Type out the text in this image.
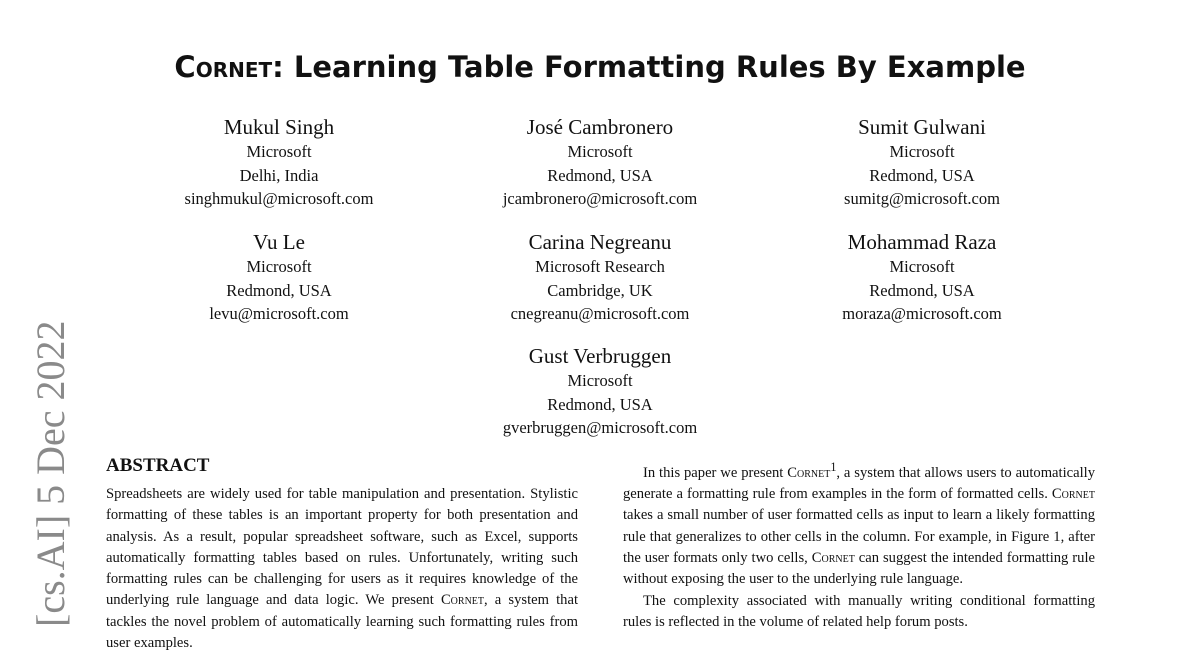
[cs.AI] 5 Dec 2022
Cornet: Learning Table Formatting Rules By Example
Mukul Singh
Microsoft
Delhi, India
singhmukul@microsoft.com
José Cambronero
Microsoft
Redmond, USA
jcambronero@microsoft.com
Sumit Gulwani
Microsoft
Redmond, USA
sumitg@microsoft.com
Vu Le
Microsoft
Redmond, USA
levu@microsoft.com
Carina Negreanu
Microsoft Research
Cambridge, UK
cnegreanu@microsoft.com
Mohammad Raza
Microsoft
Redmond, USA
moraza@microsoft.com
Gust Verbruggen
Microsoft
Redmond, USA
gverbruggen@microsoft.com
ABSTRACT

Spreadsheets are widely used for table manipulation and presentation. Stylistic formatting of these tables is an important property for both presentation and analysis. As a result, popular spreadsheet software, such as Excel, supports automatically formatting tables based on rules. Unfortunately, writing such formatting rules can be challenging for users as it requires knowledge of the underlying rule language and data logic. We present Cornet, a system that tackles the novel problem of automatically learning such formatting rules from user examples.

In this paper we present Cornet$^1$, a system that allows users to automatically generate a formatting rule from examples in the form of formatted cells. Cornet takes a small number of user formatted cells as input to learn a likely formatting rule that generalizes to other cells in the column. For example, in Figure 1, after the user formats only two cells, Cornet can suggest the intended formatting rule without exposing the user to the underlying rule language.

The complexity associated with manually writing conditional formatting rules is reflected in the volume of related help forum posts.
